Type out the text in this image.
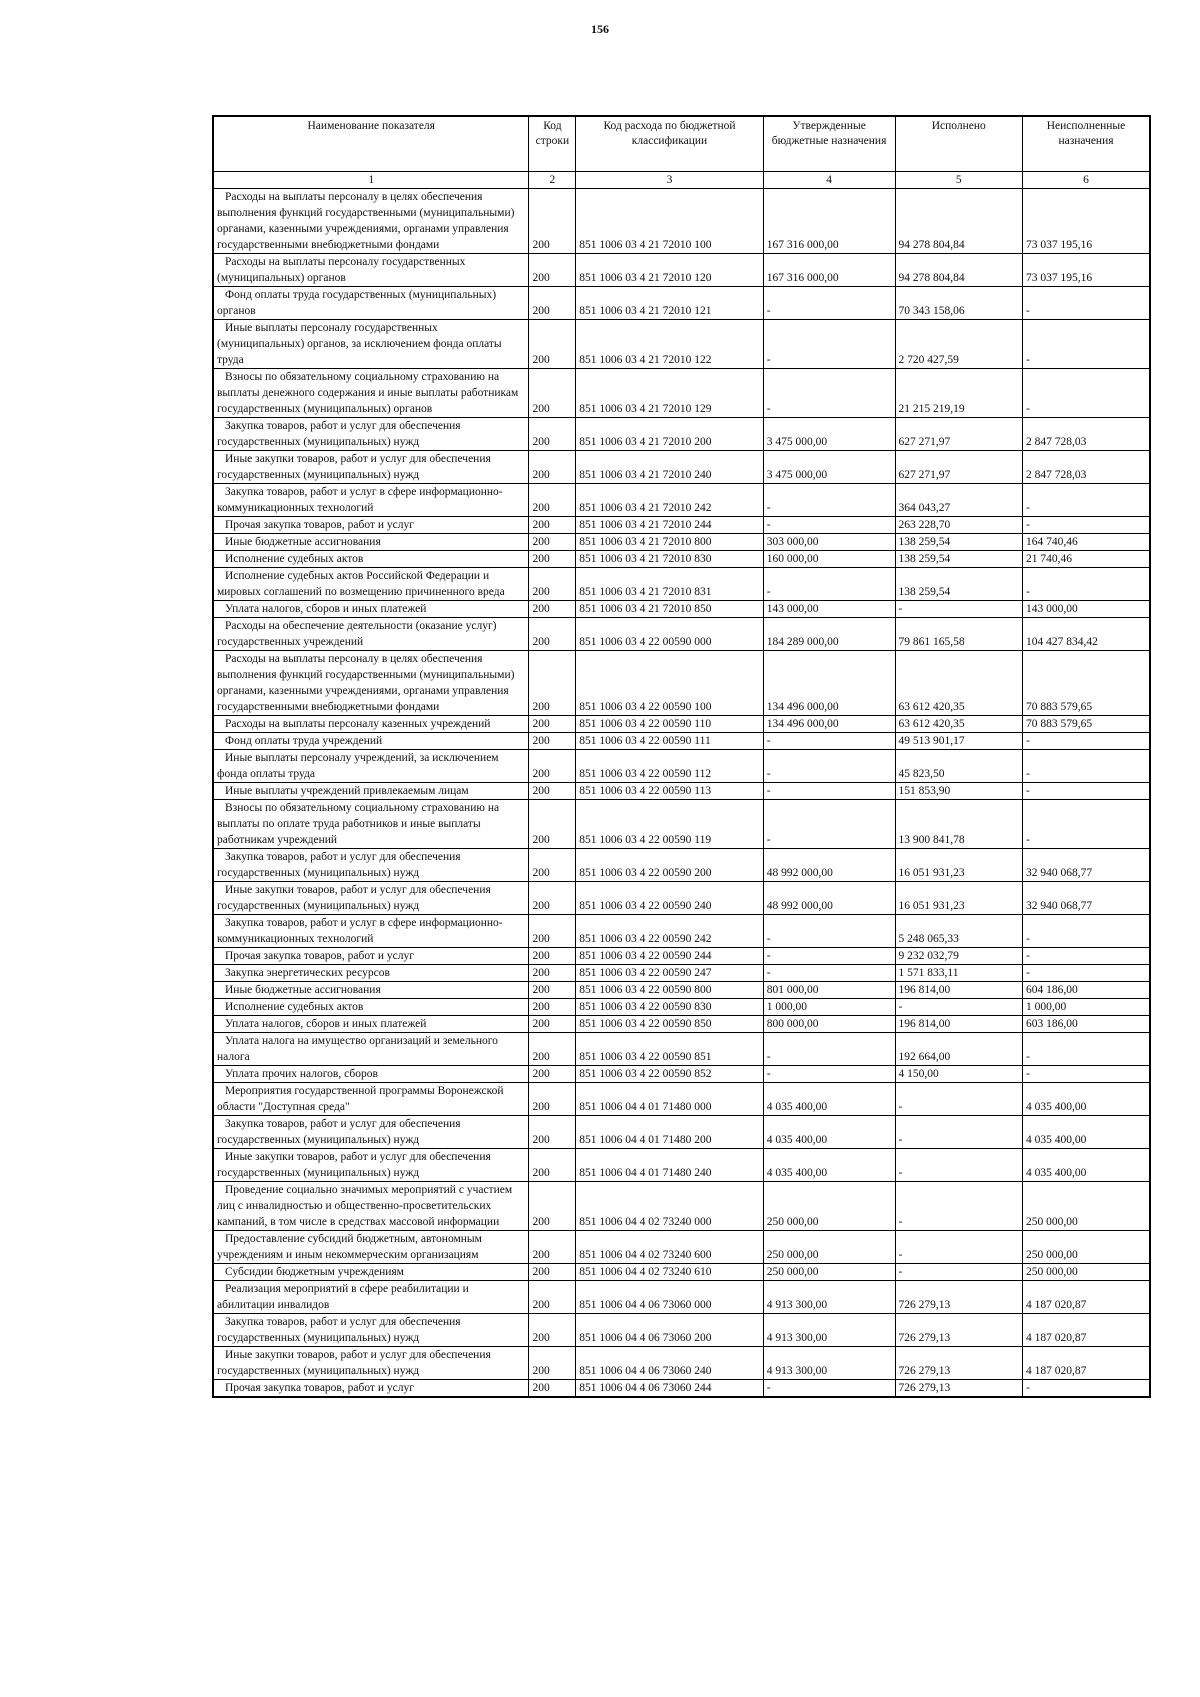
156
Наименование показателя	Код строки	Код расхода по бюджетной классификации	Утвержденные бюджетные назначения	Исполнено	Неисполненные назначения
1	2	3	4	5	6
Расходы на выплаты персоналу в целях обеспечения выполнения функций государственными (муниципальными) органами, казенными учреждениями, органами управления государственными внебюджетными фондами	200	851 1006 03 4 21 72010 100	167 316 000,00	94 278 804,84	73 037 195,16
Расходы на выплаты персоналу государственных (муниципальных) органов	200	851 1006 03 4 21 72010 120	167 316 000,00	94 278 804,84	73 037 195,16
Фонд оплаты труда государственных (муниципальных) органов	200	851 1006 03 4 21 72010 121	-	70 343 158,06	-
Иные выплаты персоналу государственных (муниципальных) органов, за исключением фонда оплаты труда	200	851 1006 03 4 21 72010 122	-	2 720 427,59	-
Взносы по обязательному социальному страхованию на выплаты денежного содержания и иные выплаты работникам государственных (муниципальных) органов	200	851 1006 03 4 21 72010 129	-	21 215 219,19	-
Закупка товаров, работ и услуг для обеспечения государственных (муниципальных) нужд	200	851 1006 03 4 21 72010 200	3 475 000,00	627 271,97	2 847 728,03
Иные закупки товаров, работ и услуг для обеспечения государственных (муниципальных) нужд	200	851 1006 03 4 21 72010 240	3 475 000,00	627 271,97	2 847 728,03
Закупка товаров, работ и услуг в сфере информационно-коммуникационных технологий	200	851 1006 03 4 21 72010 242	-	364 043,27	-
Прочая закупка товаров, работ и услуг	200	851 1006 03 4 21 72010 244	-	263 228,70	-
Иные бюджетные ассигнования	200	851 1006 03 4 21 72010 800	303 000,00	138 259,54	164 740,46
Исполнение судебных актов	200	851 1006 03 4 21 72010 830	160 000,00	138 259,54	21 740,46
Исполнение судебных актов Российской Федерации и мировых соглашений по возмещению причиненного вреда	200	851 1006 03 4 21 72010 831	-	138 259,54	-
Уплата налогов, сборов и иных платежей	200	851 1006 03 4 21 72010 850	143 000,00	-	143 000,00
Расходы на обеспечение деятельности (оказание услуг) государственных учреждений	200	851 1006 03 4 22 00590 000	184 289 000,00	79 861 165,58	104 427 834,42
Расходы на выплаты персоналу в целях обеспечения выполнения функций государственными (муниципальными) органами, казенными учреждениями, органами управления государственными внебюджетными фондами	200	851 1006 03 4 22 00590 100	134 496 000,00	63 612 420,35	70 883 579,65
Расходы на выплаты персоналу казенных учреждений	200	851 1006 03 4 22 00590 110	134 496 000,00	63 612 420,35	70 883 579,65
Фонд оплаты труда учреждений	200	851 1006 03 4 22 00590 111	-	49 513 901,17	-
Иные выплаты персоналу учреждений, за исключением фонда оплаты труда	200	851 1006 03 4 22 00590 112	-	45 823,50	-
Иные выплаты учреждений привлекаемым лицам	200	851 1006 03 4 22 00590 113	-	151 853,90	-
Взносы по обязательному социальному страхованию на выплаты по оплате труда работников и иные выплаты работникам учреждений	200	851 1006 03 4 22 00590 119	-	13 900 841,78	-
Закупка товаров, работ и услуг для обеспечения государственных (муниципальных) нужд	200	851 1006 03 4 22 00590 200	48 992 000,00	16 051 931,23	32 940 068,77
Иные закупки товаров, работ и услуг для обеспечения государственных (муниципальных) нужд	200	851 1006 03 4 22 00590 240	48 992 000,00	16 051 931,23	32 940 068,77
Закупка товаров, работ и услуг в сфере информационно-коммуникационных технологий	200	851 1006 03 4 22 00590 242	-	5 248 065,33	-
Прочая закупка товаров, работ и услуг	200	851 1006 03 4 22 00590 244	-	9 232 032,79	-
Закупка энергетических ресурсов	200	851 1006 03 4 22 00590 247	-	1 571 833,11	-
Иные бюджетные ассигнования	200	851 1006 03 4 22 00590 800	801 000,00	196 814,00	604 186,00
Исполнение судебных актов	200	851 1006 03 4 22 00590 830	1 000,00	-	1 000,00
Уплата налогов, сборов и иных платежей	200	851 1006 03 4 22 00590 850	800 000,00	196 814,00	603 186,00
Уплата налога на имущество организаций и земельного налога	200	851 1006 03 4 22 00590 851	-	192 664,00	-
Уплата прочих налогов, сборов	200	851 1006 03 4 22 00590 852	-	4 150,00	-
Мероприятия государственной программы Воронежской области "Доступная среда"	200	851 1006 04 4 01 71480 000	4 035 400,00	-	4 035 400,00
Закупка товаров, работ и услуг для обеспечения государственных (муниципальных) нужд	200	851 1006 04 4 01 71480 200	4 035 400,00	-	4 035 400,00
Иные закупки товаров, работ и услуг для обеспечения государственных (муниципальных) нужд	200	851 1006 04 4 01 71480 240	4 035 400,00	-	4 035 400,00
Проведение социально значимых мероприятий с участием лиц с инвалидностью и общественно-просветительских кампаний, в том числе в средствах массовой информации	200	851 1006 04 4 02 73240 000	250 000,00	-	250 000,00
Предоставление субсидий бюджетным, автономным учреждениям и иным некоммерческим организациям	200	851 1006 04 4 02 73240 600	250 000,00	-	250 000,00
Субсидии бюджетным учреждениям	200	851 1006 04 4 02 73240 610	250 000,00	-	250 000,00
Реализация мероприятий в сфере реабилитации и абилитации инвалидов	200	851 1006 04 4 06 73060 000	4 913 300,00	726 279,13	4 187 020,87
Закупка товаров, работ и услуг для обеспечения государственных (муниципальных) нужд	200	851 1006 04 4 06 73060 200	4 913 300,00	726 279,13	4 187 020,87
Иные закупки товаров, работ и услуг для обеспечения государственных (муниципальных) нужд	200	851 1006 04 4 06 73060 240	4 913 300,00	726 279,13	4 187 020,87
Прочая закупка товаров, работ и услуг	200	851 1006 04 4 06 73060 244	-	726 279,13	-
